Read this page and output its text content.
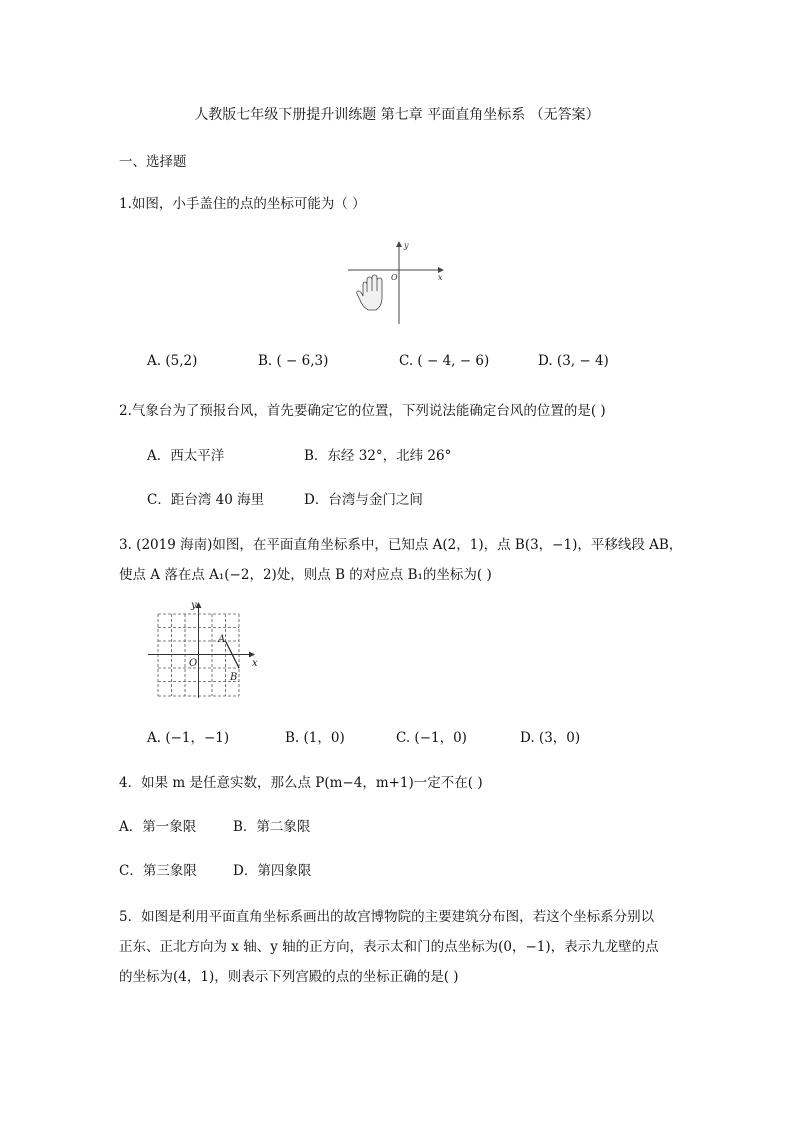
人教版七年级下册提升训练题 第七章 平面直角坐标系 （无答案）
一、选择题
1.如图，小手盖住的点的坐标可能为（ ）
y
x
O
A. (5,2)	B. ( − 6,3)	C. ( − 4, − 6)	D. (3, − 4)
2.气象台为了预报台风，首先要确定它的位置，下列说法能确定台风的位置的是( )
A．西太平洋	B．东经 32°，北纬 26°
C．距台湾 40 海里	D．台湾与金门之间
3. (2019 海南)如图，在平面直角坐标系中，已知点 A(2，1)，点 B(3，−1)，平移线段 AB，
使点 A 落在点 A₁(−2，2)处，则点 B 的对应点 B₁的坐标为( )
y
x
O
A
B
A. (−1，−1)	B. (1，0)	C. (−1，0)	D. (3，0)
4．如果 m 是任意实数，那么点 P(m−4，m+1)一定不在( )
A．第一象限	B．第二象限
C．第三象限	D．第四象限
5．如图是利用平面直角坐标系画出的故宫博物院的主要建筑分布图，若这个坐标系分别以
正东、正北方向为 x 轴、y 轴的正方向，表示太和门的点坐标为(0，−1)，表示九龙壁的点
的坐标为(4，1)，则表示下列宫殿的点的坐标正确的是( )
